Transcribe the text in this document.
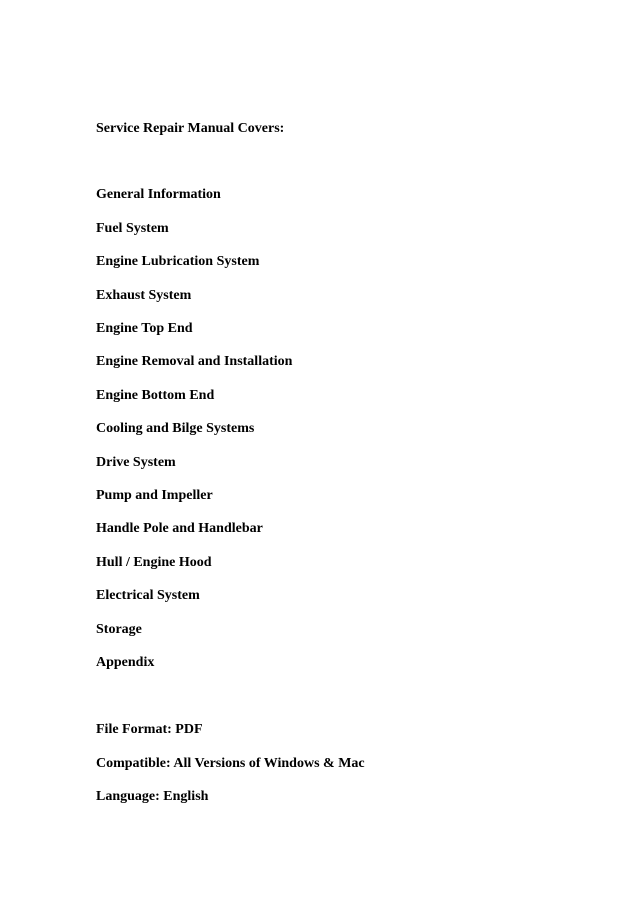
Service Repair Manual Covers:
General Information
Fuel System
Engine Lubrication System
Exhaust System
Engine Top End
Engine Removal and Installation
Engine Bottom End
Cooling and Bilge Systems
Drive System
Pump and Impeller
Handle Pole and Handlebar
Hull / Engine Hood
Electrical System
Storage
Appendix
File Format: PDF
Compatible: All Versions of Windows & Mac
Language: English
